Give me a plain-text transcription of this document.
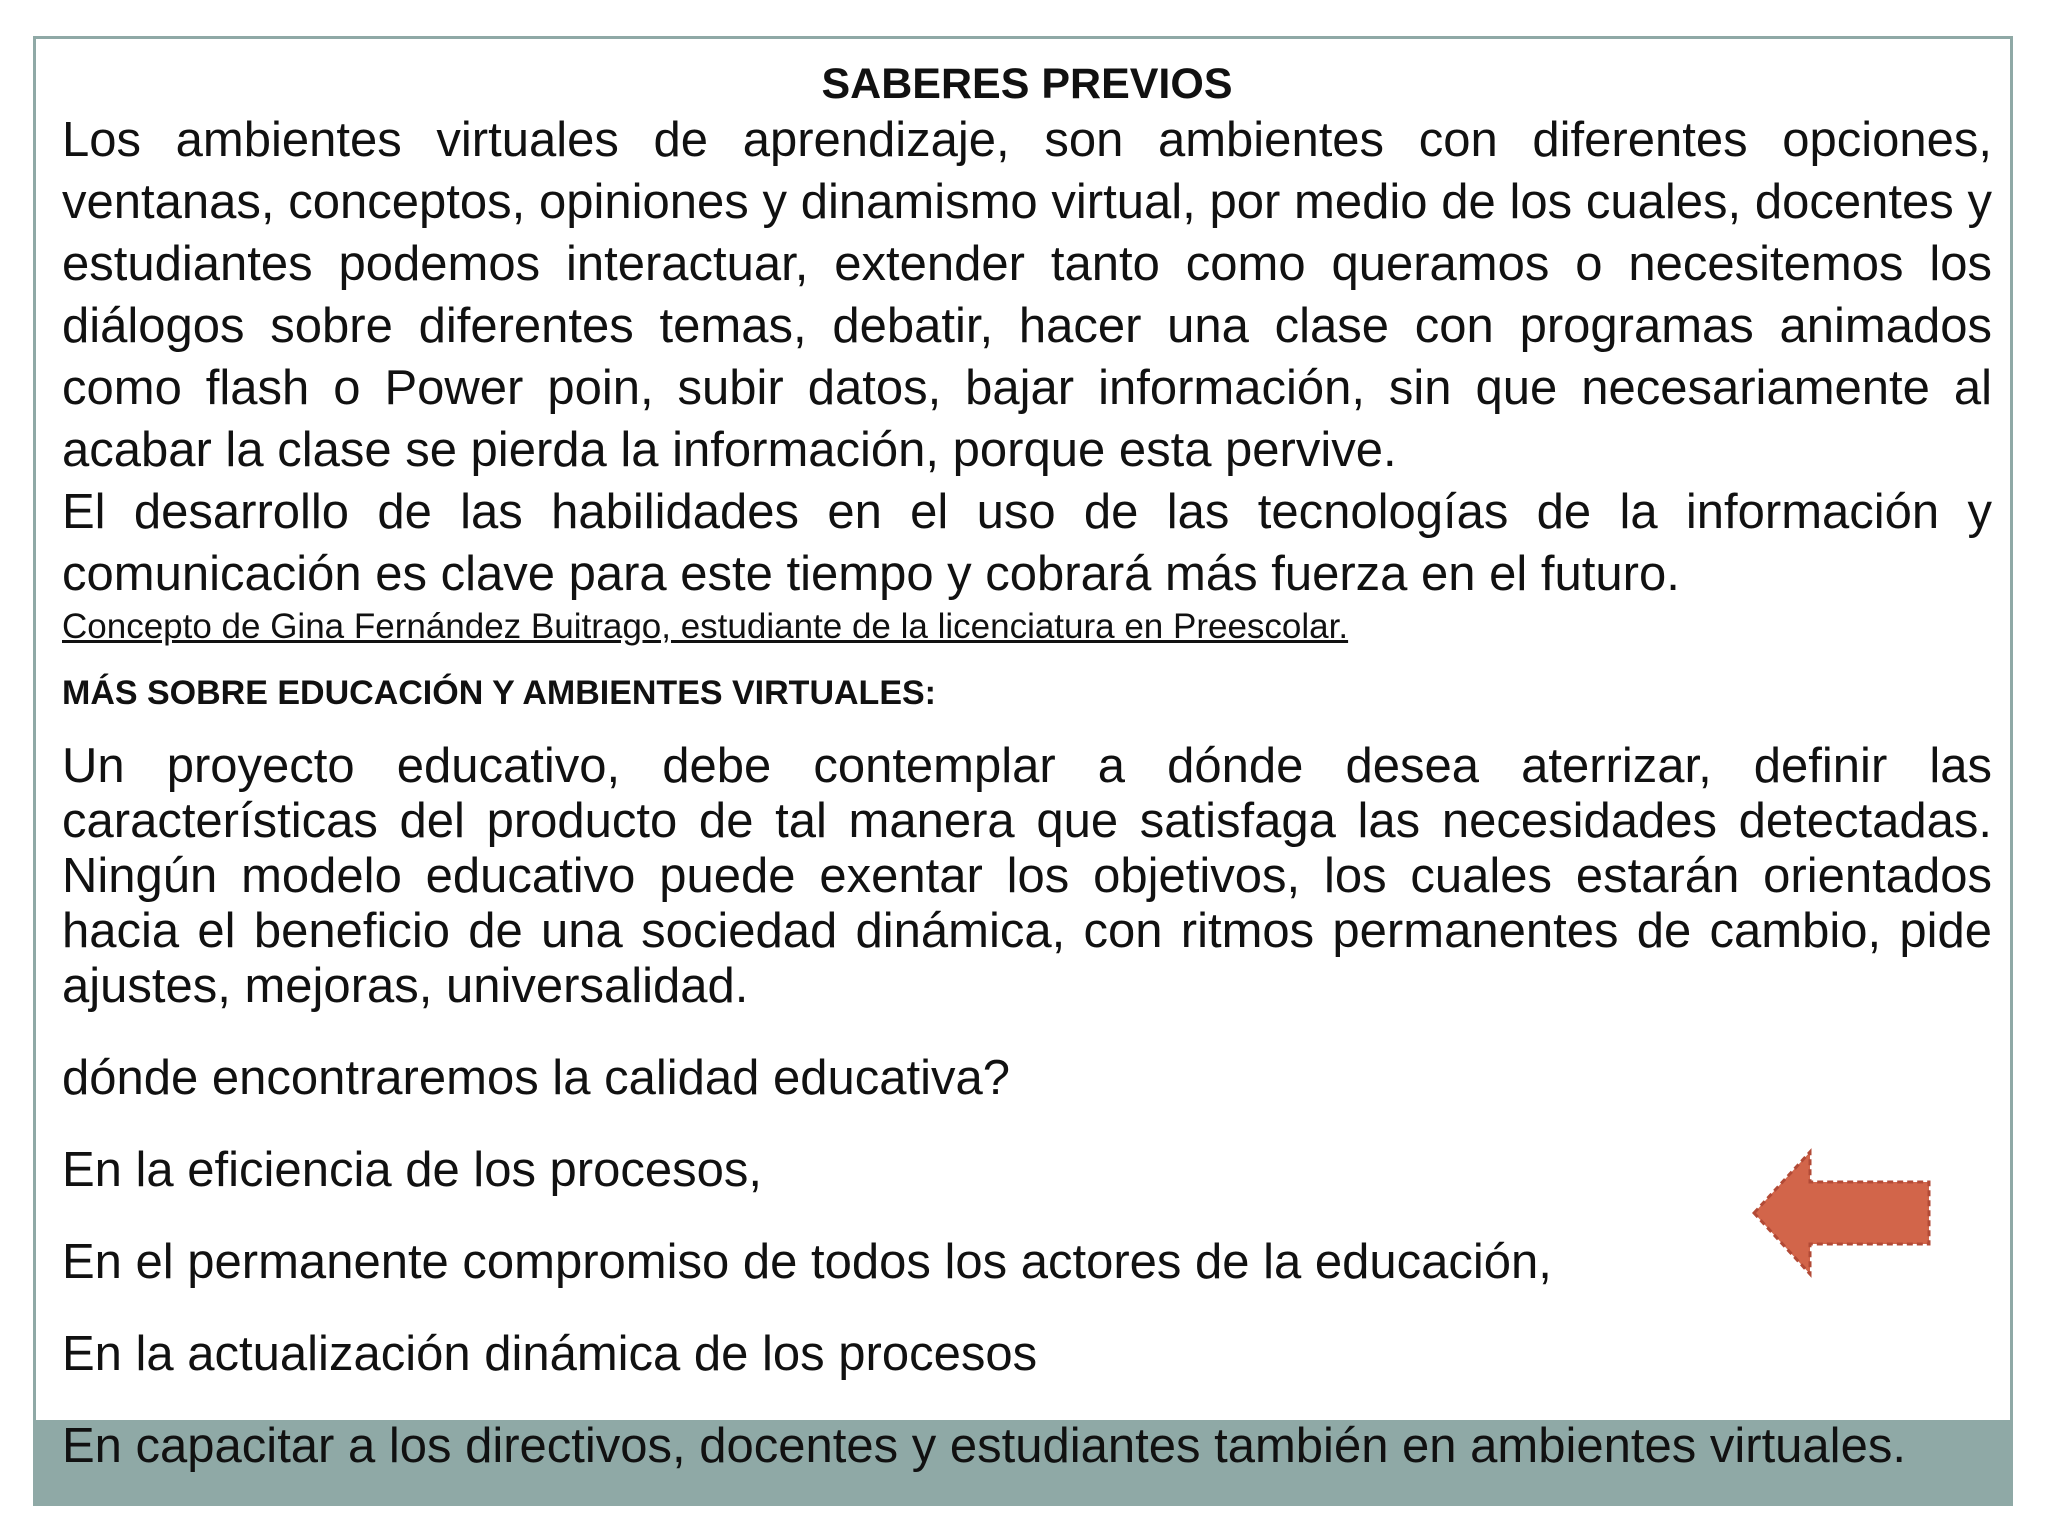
SABERES PREVIOS

Los ambientes virtuales de aprendizaje, son ambientes con diferentes opciones, ventanas, conceptos, opiniones y dinamismo virtual, por medio de los cuales, docentes y estudiantes podemos interactuar, extender tanto como queramos o necesitemos los diálogos sobre diferentes temas, debatir, hacer una clase con programas animados como flash o Power poin, subir datos, bajar información, sin que necesariamente al acabar la clase se pierda la información, porque esta pervive.

El desarrollo de las habilidades en el uso de las tecnologías de la información y comunicación es clave para este tiempo y cobrará más fuerza en el futuro.

Concepto de Gina Fernández Buitrago, estudiante de la licenciatura en Preescolar.

MÁS SOBRE EDUCACIÓN Y AMBIENTES VIRTUALES:

Un proyecto educativo, debe contemplar a dónde desea aterrizar, definir las características del producto de tal manera que satisfaga las necesidades detectadas. Ningún modelo educativo puede exentar los objetivos, los cuales estarán orientados hacia el beneficio de una sociedad dinámica, con ritmos permanentes de cambio, pide ajustes, mejoras, universalidad.

dónde encontraremos la calidad educativa?

En la eficiencia de los procesos,

En el permanente compromiso de todos los actores de la educación,

En la actualización dinámica de los procesos

En capacitar a los directivos, docentes y estudiantes también en ambientes virtuales.
